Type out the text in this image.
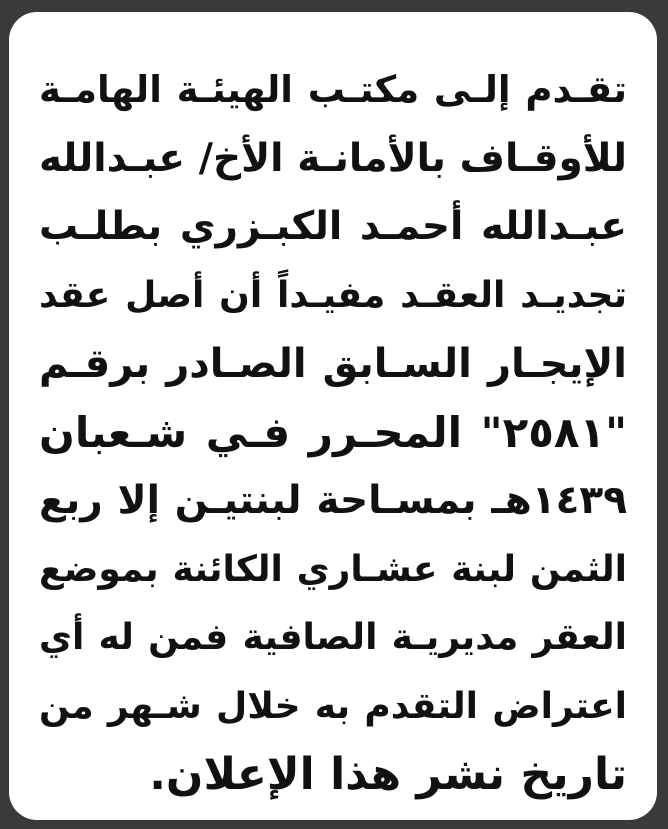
تقـدم إلـى مكتـب الهيئـة الهامـة
للأوقـاف بالأمانـة الأخ/ عبـدالله
عبـدالله أحمـد الكبـزري بطلـب
تجديـد العقـد مفيـداً أن أصل عقد
الإيجـار السـابق الصـادر برقـم
"٢٥٨١" المحـرر فـي شـعبان
١٤٣٩هـ بمسـاحة لبنتيـن إلا ربع
الثمن لبنة عشـاري الكائنة بموضع
العقر مديريـة الصافية فمن له أي
اعتراض التقدم به خلال شـهر من
تاريخ نشر هذا الإعلان.
